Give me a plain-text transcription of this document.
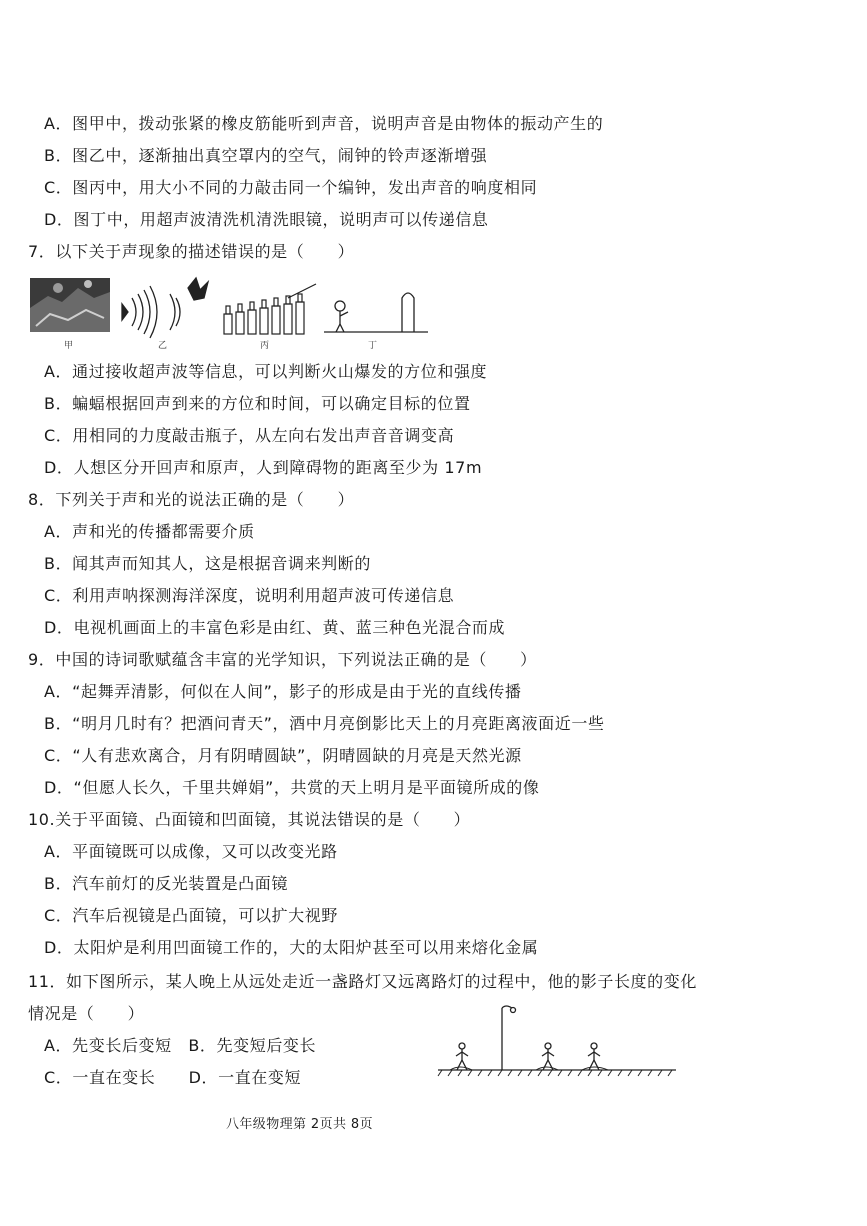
A．图甲中，拨动张紧的橡皮筋能听到声音，说明声音是由物体的振动产生的
B．图乙中，逐渐抽出真空罩内的空气，闹钟的铃声逐渐增强
C．图丙中，用大小不同的力敲击同一个编钟，发出声音的响度相同
D．图丁中，用超声波清洗机清洗眼镜，说明声可以传递信息
7．以下关于声现象的描述错误的是（　　）
甲	乙	丙	丁
A．通过接收超声波等信息，可以判断火山爆发的方位和强度
B．蝙蝠根据回声到来的方位和时间，可以确定目标的位置
C．用相同的力度敲击瓶子，从左向右发出声音音调变高
D．人想区分开回声和原声，人到障碍物的距离至少为 17m
8．下列关于声和光的说法正确的是（　　）
A．声和光的传播都需要介质
B．闻其声而知其人，这是根据音调来判断的
C．利用声呐探测海洋深度，说明利用超声波可传递信息
D．电视机画面上的丰富色彩是由红、黄、蓝三种色光混合而成
9．中国的诗词歌赋蕴含丰富的光学知识，下列说法正确的是（　　）
A．“起舞弄清影，何似在人间”，影子的形成是由于光的直线传播
B．“明月几时有？把酒问青天”，酒中月亮倒影比天上的月亮距离液面近一些
C．“人有悲欢离合，月有阴晴圆缺”，阴晴圆缺的月亮是天然光源
D．“但愿人长久，千里共婵娟”，共赏的天上明月是平面镜所成的像
10.关于平面镜、凸面镜和凹面镜，其说法错误的是（　　）
A．平面镜既可以成像，又可以改变光路
B．汽车前灯的反光装置是凸面镜
C．汽车后视镜是凸面镜，可以扩大视野
D．太阳炉是利用凹面镜工作的，大的太阳炉甚至可以用来熔化金属
11．如下图所示，某人晚上从远处走近一盏路灯又远离路灯的过程中，他的影子长度的变化
情况是（　　）
A．先变长后变短　B．先变短后变长
C．一直在变长　　D．一直在变短
八年级物理第 2页共 8页
